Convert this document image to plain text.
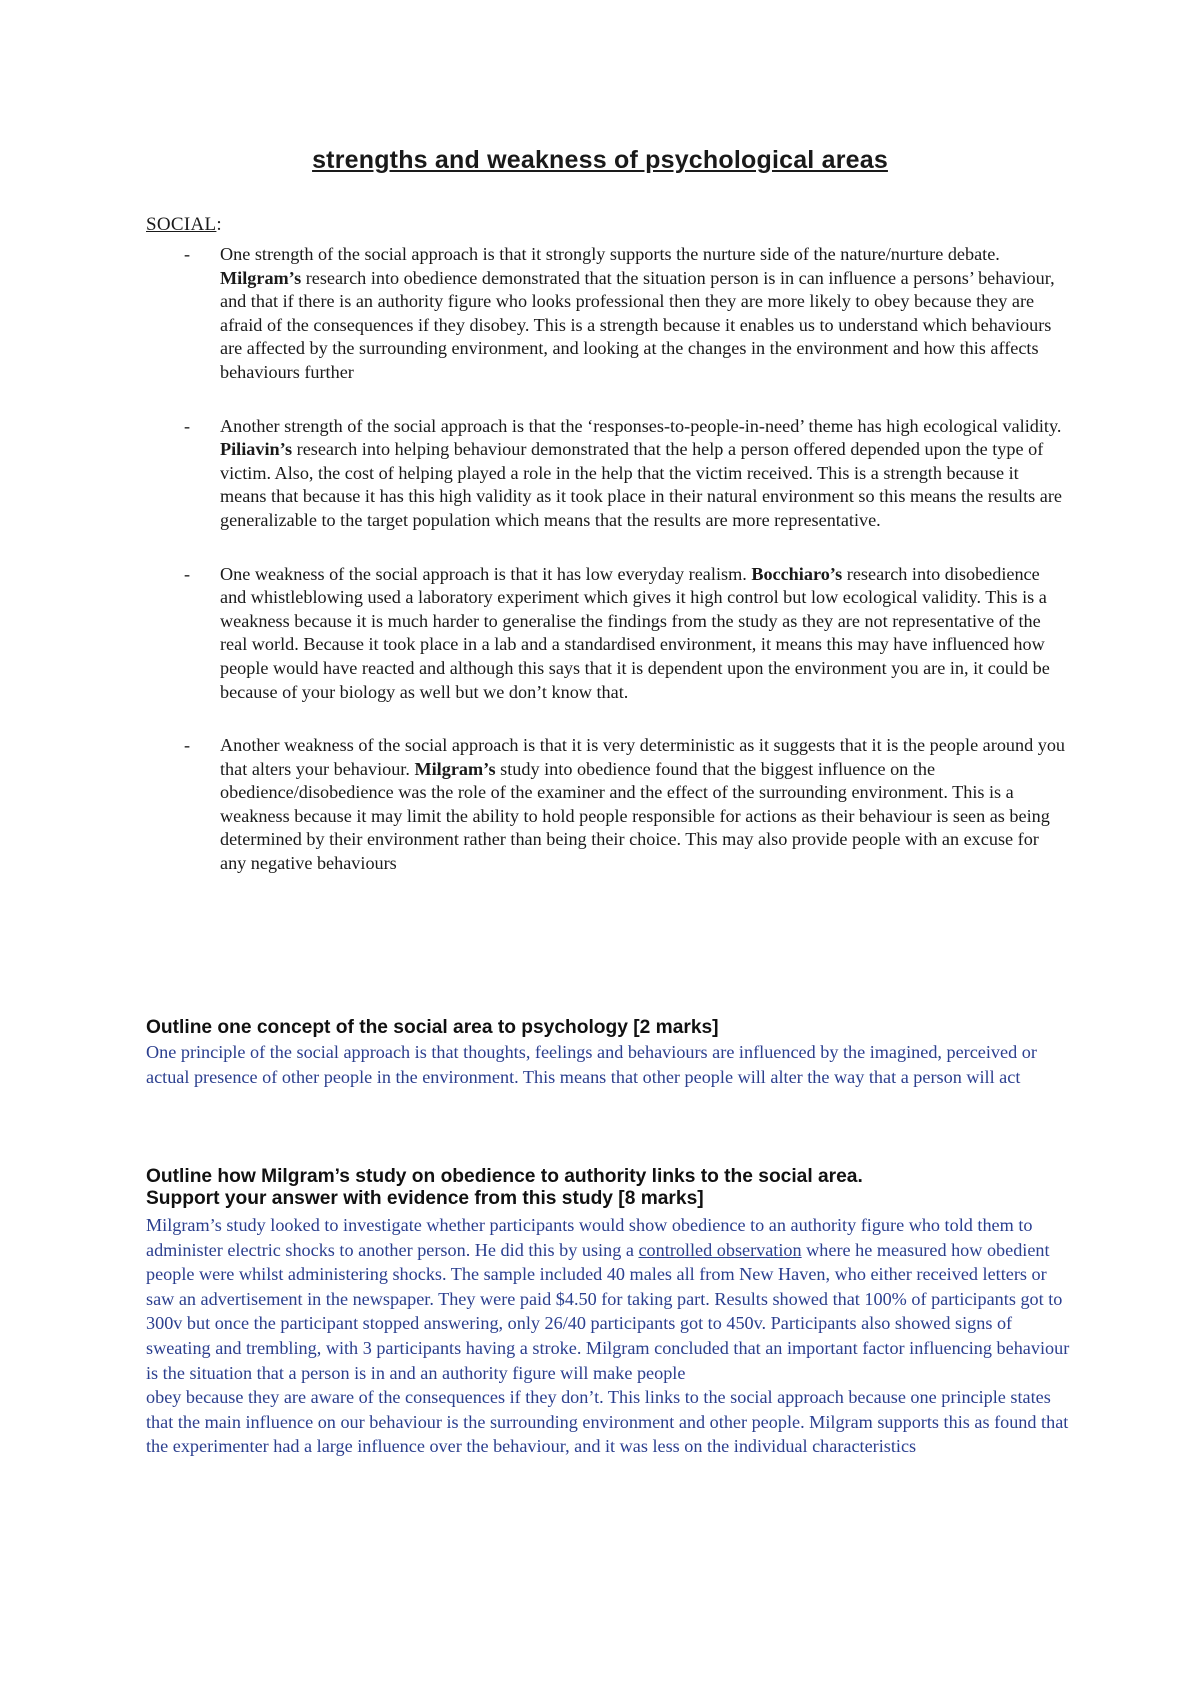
strengths and weakness of psychological areas
SOCIAL:
- One strength of the social approach is that it strongly supports the nurture side of the nature/nurture debate. Milgram’s research into obedience demonstrated that the situation person is in can influence a persons’ behaviour, and that if there is an authority figure who looks professional then they are more likely to obey because they are afraid of the consequences if they disobey. This is a strength because it enables us to understand which behaviours are affected by the surrounding environment, and looking at the changes in the environment and how this affects behaviours further
- Another strength of the social approach is that the ‘responses-to-people-in-need’ theme has high ecological validity. Piliavin’s research into helping behaviour demonstrated that the help a person offered depended upon the type of victim. Also, the cost of helping played a role in the help that the victim received. This is a strength because it means that because it has this high validity as it took place in their natural environment so this means the results are generalizable to the target population which means that the results are more representative.
- One weakness of the social approach is that it has low everyday realism. Bocchiaro’s research into disobedience and whistleblowing used a laboratory experiment which gives it high control but low ecological validity. This is a weakness because it is much harder to generalise the findings from the study as they are not representative of the real world. Because it took place in a lab and a standardised environment, it means this may have influenced how people would have reacted and although this says that it is dependent upon the environment you are in, it could be because of your biology as well but we don’t know that.
- Another weakness of the social approach is that it is very deterministic as it suggests that it is the people around you that alters your behaviour. Milgram’s study into obedience found that the biggest influence on the obedience/disobedience was the role of the examiner and the effect of the surrounding environment. This is a weakness because it may limit the ability to hold people responsible for actions as their behaviour is seen as being determined by their environment rather than being their choice. This may also provide people with an excuse for any negative behaviours
Outline one concept of the social area to psychology [2 marks]
One principle of the social approach is that thoughts, feelings and behaviours are influenced by the imagined, perceived or actual presence of other people in the environment. This means that other people will alter the way that a person will act
Outline how Milgram’s study on obedience to authority links to the social area.
Support your answer with evidence from this study [8 marks]
Milgram’s study looked to investigate whether participants would show obedience to an authority figure who told them to administer electric shocks to another person. He did this by using a controlled observation where he measured how obedient people were whilst administering shocks. The sample included 40 males all from New Haven, who either received letters or saw an advertisement in the newspaper. They were paid $4.50 for taking part. Results showed that 100% of participants got to 300v but once the participant stopped answering, only 26/40 participants got to 450v. Participants also showed signs of sweating and trembling, with 3 participants having a stroke. Milgram concluded that an important factor influencing behaviour is the situation that a person is in and an authority figure will make people
obey because they are aware of the consequences if they don’t. This links to the social approach because one principle states that the main influence on our behaviour is the surrounding environment and other people. Milgram supports this as found that the experimenter had a large influence over the behaviour, and it was less on the individual characteristics
